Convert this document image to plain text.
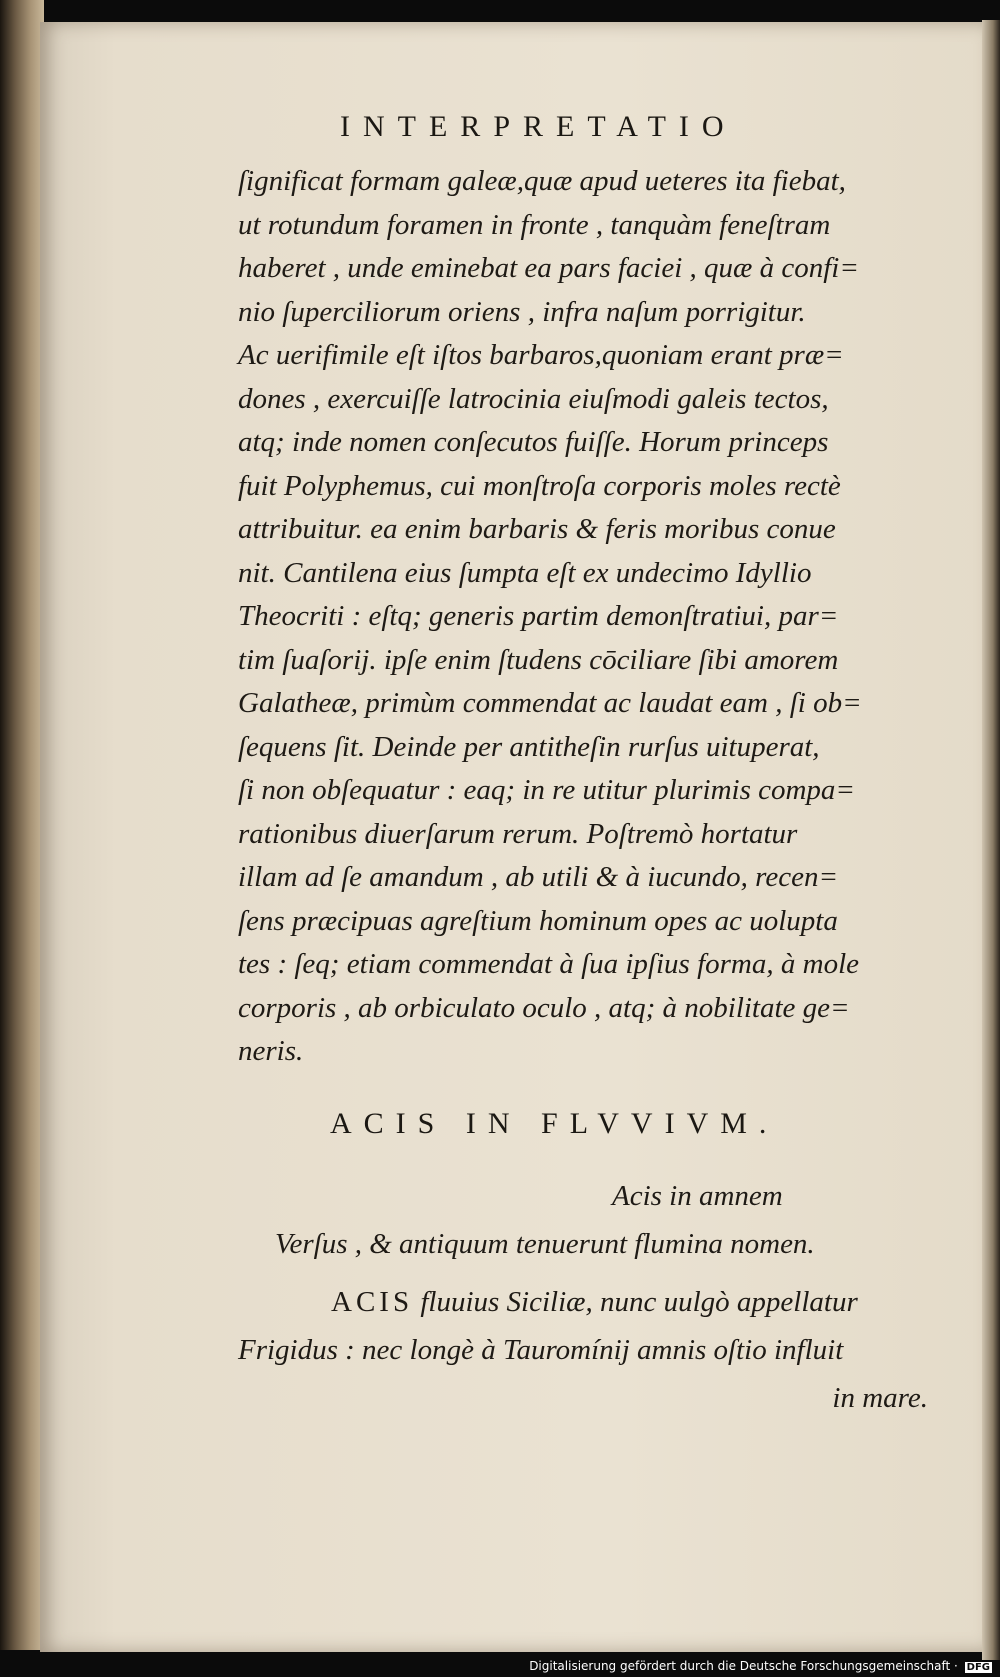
INTERPRETATIO
ſignificat formam galeæ,quæ apud ueteres ita fiebat,
ut rotundum foramen in fronte , tanquàm feneſtram
haberet , unde eminebat ea pars faciei , quæ à confi=
nio ſuperciliorum oriens , infra naſum porrigitur.
Ac uerifimile eſt iſtos barbaros,quoniam erant præ=
dones , exercuiſſe latrocinia eiuſmodi galeis tectos,
atq; inde nomen conſecutos fuiſſe. Horum princeps
fuit Polyphemus, cui monſtroſa corporis moles rectè
attribuitur. ea enim barbaris & feris moribus conue
nit. Cantilena eius ſumpta eſt ex undecimo Idyllio
Theocriti : eſtq; generis partim demonſtratiui, par=
tim ſuaſorij. ipſe enim ſtudens cōciliare ſibi amorem
Galatheæ, primùm commendat ac laudat eam , ſi ob=
ſequens ſit. Deinde per antitheſin rurſus uituperat,
ſi non obſequatur : eaq; in re utitur plurimis compa=
rationibus diuerſarum rerum. Poſtremò hortatur
illam ad ſe amandum , ab utili & à iucundo, recen=
ſens præcipuas agreſtium hominum opes ac uolupta
tes : ſeq; etiam commendat à ſua ipſius forma, à mole
corporis , ab orbiculato oculo , atq; à nobilitate ge=
neris.
ACIS IN FLVVIVM.
Acis in amnem
Verſus , & antiquum tenuerunt flumina nomen.
ACIS fluuius Siciliæ, nunc uulgò appellatur
Frigidus : nec longè à Tauromínij amnis oſtio influit
in mare.
Digitalisierung gefördert durch die Deutsche Forschungsgemeinschaft · DFG
